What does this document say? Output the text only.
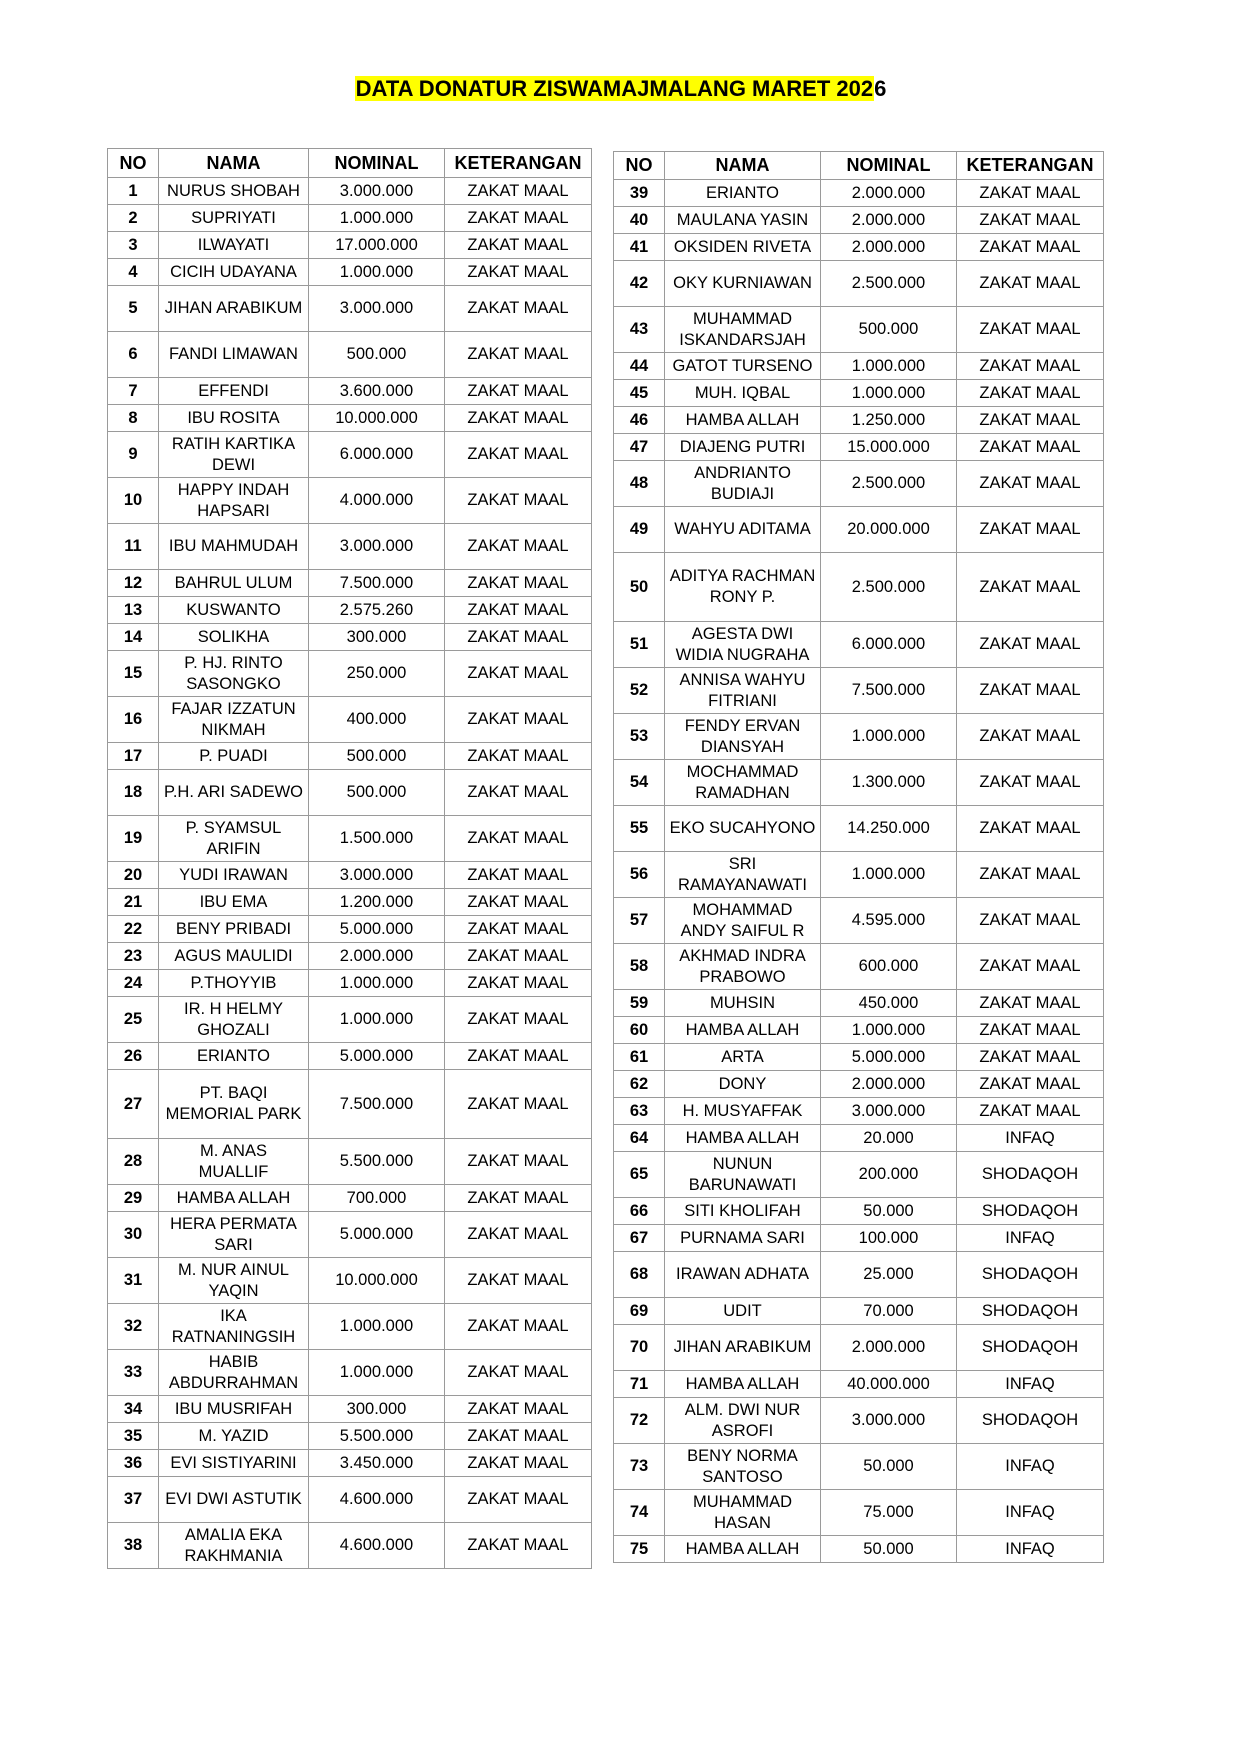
DATA DONATUR ZISWAMAJMALANG MARET 2026
NO	NAMA	NOMINAL	KETERANGAN
1	NURUS SHOBAH	3.000.000	ZAKAT MAAL
2	SUPRIYATI	1.000.000	ZAKAT MAAL
3	ILWAYATI	17.000.000	ZAKAT MAAL
4	CICIH UDAYANA	1.000.000	ZAKAT MAAL
5	JIHAN ARABIKUM	3.000.000	ZAKAT MAAL
6	FANDI LIMAWAN	500.000	ZAKAT MAAL
7	EFFENDI	3.600.000	ZAKAT MAAL
8	IBU ROSITA	10.000.000	ZAKAT MAAL
9	RATIH KARTIKA DEWI	6.000.000	ZAKAT MAAL
10	HAPPY INDAH HAPSARI	4.000.000	ZAKAT MAAL
11	IBU MAHMUDAH	3.000.000	ZAKAT MAAL
12	BAHRUL ULUM	7.500.000	ZAKAT MAAL
13	KUSWANTO	2.575.260	ZAKAT MAAL
14	SOLIKHA	300.000	ZAKAT MAAL
15	P. HJ. RINTO SASONGKO	250.000	ZAKAT MAAL
16	FAJAR IZZATUN NIKMAH	400.000	ZAKAT MAAL
17	P. PUADI	500.000	ZAKAT MAAL
18	P.H. ARI SADEWO	500.000	ZAKAT MAAL
19	P. SYAMSUL ARIFIN	1.500.000	ZAKAT MAAL
20	YUDI IRAWAN	3.000.000	ZAKAT MAAL
21	IBU EMA	1.200.000	ZAKAT MAAL
22	BENY PRIBADI	5.000.000	ZAKAT MAAL
23	AGUS MAULIDI	2.000.000	ZAKAT MAAL
24	P.THOYYIB	1.000.000	ZAKAT MAAL
25	IR. H HELMY GHOZALI	1.000.000	ZAKAT MAAL
26	ERIANTO	5.000.000	ZAKAT MAAL
27	PT. BAQI MEMORIAL PARK	7.500.000	ZAKAT MAAL
28	M. ANAS MUALLIF	5.500.000	ZAKAT MAAL
29	HAMBA ALLAH	700.000	ZAKAT MAAL
30	HERA PERMATA SARI	5.000.000	ZAKAT MAAL
31	M. NUR AINUL YAQIN	10.000.000	ZAKAT MAAL
32	IKA RATNANINGSIH	1.000.000	ZAKAT MAAL
33	HABIB ABDURRAHMAN	1.000.000	ZAKAT MAAL
34	IBU MUSRIFAH	300.000	ZAKAT MAAL
35	M. YAZID	5.500.000	ZAKAT MAAL
36	EVI SISTIYARINI	3.450.000	ZAKAT MAAL
37	EVI DWI ASTUTIK	4.600.000	ZAKAT MAAL
38	AMALIA EKA RAKHMANIA	4.600.000	ZAKAT MAAL
NO	NAMA	NOMINAL	KETERANGAN
39	ERIANTO	2.000.000	ZAKAT MAAL
40	MAULANA YASIN	2.000.000	ZAKAT MAAL
41	OKSIDEN RIVETA	2.000.000	ZAKAT MAAL
42	OKY KURNIAWAN	2.500.000	ZAKAT MAAL
43	MUHAMMAD ISKANDARSJAH	500.000	ZAKAT MAAL
44	GATOT TURSENO	1.000.000	ZAKAT MAAL
45	MUH. IQBAL	1.000.000	ZAKAT MAAL
46	HAMBA ALLAH	1.250.000	ZAKAT MAAL
47	DIAJENG PUTRI	15.000.000	ZAKAT MAAL
48	ANDRIANTO BUDIAJI	2.500.000	ZAKAT MAAL
49	WAHYU ADITAMA	20.000.000	ZAKAT MAAL
50	ADITYA RACHMAN RONY P.	2.500.000	ZAKAT MAAL
51	AGESTA DWI WIDIA NUGRAHA	6.000.000	ZAKAT MAAL
52	ANNISA WAHYU FITRIANI	7.500.000	ZAKAT MAAL
53	FENDY ERVAN DIANSYAH	1.000.000	ZAKAT MAAL
54	MOCHAMMAD RAMADHAN	1.300.000	ZAKAT MAAL
55	EKO SUCAHYONO	14.250.000	ZAKAT MAAL
56	SRI RAMAYANAWATI	1.000.000	ZAKAT MAAL
57	MOHAMMAD ANDY SAIFUL R	4.595.000	ZAKAT MAAL
58	AKHMAD INDRA PRABOWO	600.000	ZAKAT MAAL
59	MUHSIN	450.000	ZAKAT MAAL
60	HAMBA ALLAH	1.000.000	ZAKAT MAAL
61	ARTA	5.000.000	ZAKAT MAAL
62	DONY	2.000.000	ZAKAT MAAL
63	H. MUSYAFFAK	3.000.000	ZAKAT MAAL
64	HAMBA ALLAH	20.000	INFAQ
65	NUNUN BARUNAWATI	200.000	SHODAQOH
66	SITI KHOLIFAH	50.000	SHODAQOH
67	PURNAMA SARI	100.000	INFAQ
68	IRAWAN ADHATA	25.000	SHODAQOH
69	UDIT	70.000	SHODAQOH
70	JIHAN ARABIKUM	2.000.000	SHODAQOH
71	HAMBA ALLAH	40.000.000	INFAQ
72	ALM. DWI NUR ASROFI	3.000.000	SHODAQOH
73	BENY NORMA SANTOSO	50.000	INFAQ
74	MUHAMMAD HASAN	75.000	INFAQ
75	HAMBA ALLAH	50.000	INFAQ
